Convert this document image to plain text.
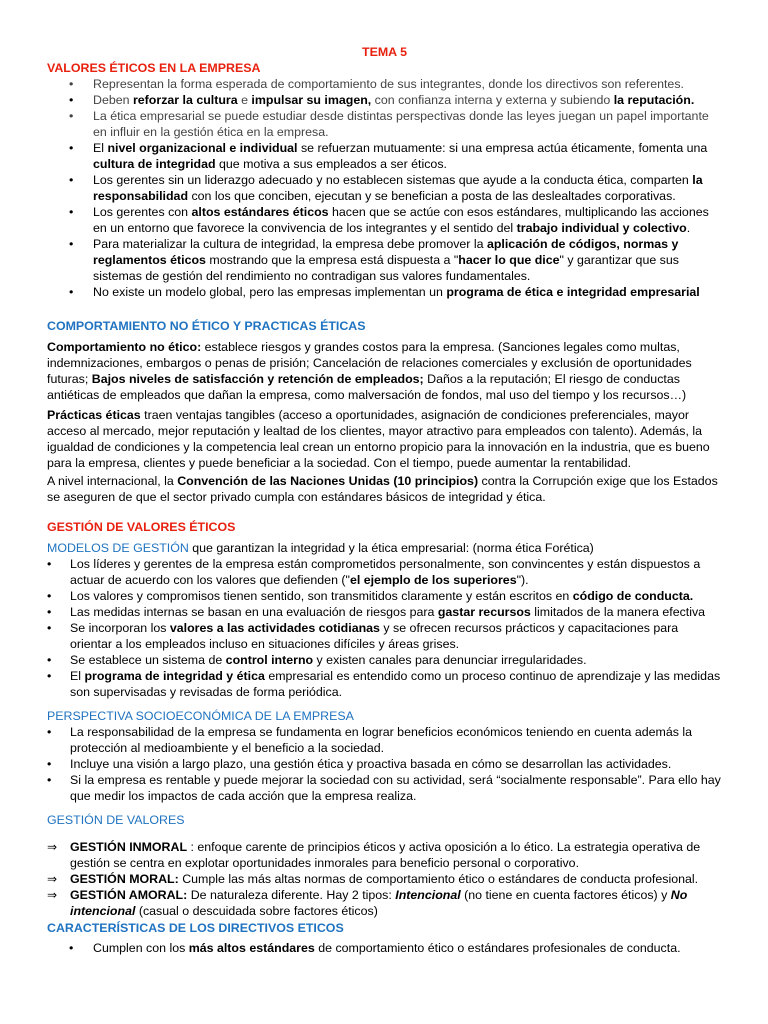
TEMA 5

VALORES ÉTICOS EN LA EMPRESA

• Representan la forma esperada de comportamiento de sus integrantes, donde los directivos son referentes.
• Deben reforzar la cultura e impulsar su imagen, con confianza interna y externa y subiendo la reputación.
• La ética empresarial se puede estudiar desde distintas perspectivas donde las leyes juegan un papel importante en influir en la gestión ética en la empresa.
• El nivel organizacional e individual se refuerzan mutuamente: si una empresa actúa éticamente, fomenta una cultura de integridad que motiva a sus empleados a ser éticos.
• Los gerentes sin un liderazgo adecuado y no establecen sistemas que ayude a la conducta ética, comparten la responsabilidad con los que conciben, ejecutan y se benefician a posta de las deslealtades corporativas.
• Los gerentes con altos estándares éticos hacen que se actúe con esos estándares, multiplicando las acciones en un entorno que favorece la convivencia de los integrantes y el sentido del trabajo individual y colectivo.
• Para materializar la cultura de integridad, la empresa debe promover la aplicación de códigos, normas y reglamentos éticos mostrando que la empresa está dispuesta a "hacer lo que dice" y garantizar que sus sistemas de gestión del rendimiento no contradigan sus valores fundamentales.
• No existe un modelo global, pero las empresas implementan un programa de ética e integridad empresarial

COMPORTAMIENTO NO ÉTICO Y PRACTICAS ÉTICAS

Comportamiento no ético: establece riesgos y grandes costos para la empresa. (Sanciones legales como multas, indemnizaciones, embargos o penas de prisión; Cancelación de relaciones comerciales y exclusión de oportunidades futuras; Bajos niveles de satisfacción y retención de empleados; Daños a la reputación; El riesgo de conductas antiéticas de empleados que dañan la empresa, como malversación de fondos, mal uso del tiempo y los recursos…)

Prácticas éticas traen ventajas tangibles (acceso a oportunidades, asignación de condiciones preferenciales, mayor acceso al mercado, mejor reputación y lealtad de los clientes, mayor atractivo para empleados con talento). Además, la igualdad de condiciones y la competencia leal crean un entorno propicio para la innovación en la industria, que es bueno para la empresa, clientes y puede beneficiar a la sociedad. Con el tiempo, puede aumentar la rentabilidad.

A nivel internacional, la Convención de las Naciones Unidas (10 principios) contra la Corrupción exige que los Estados se aseguren de que el sector privado cumpla con estándares básicos de integridad y ética.

GESTIÓN DE VALORES ÉTICOS

MODELOS DE GESTIÓN que garantizan la integridad y la ética empresarial: (norma ética Forética)

• Los líderes y gerentes de la empresa están comprometidos personalmente, son convincentes y están dispuestos a actuar de acuerdo con los valores que defienden ("el ejemplo de los superiores").
• Los valores y compromisos tienen sentido, son transmitidos claramente y están escritos en código de conducta.
• Las medidas internas se basan en una evaluación de riesgos para gastar recursos limitados de la manera efectiva
• Se incorporan los valores a las actividades cotidianas y se ofrecen recursos prácticos y capacitaciones para orientar a los empleados incluso en situaciones difíciles y áreas grises.
• Se establece un sistema de control interno y existen canales para denunciar irregularidades.
• El programa de integridad y ética empresarial es entendido como un proceso continuo de aprendizaje y las medidas son supervisadas y revisadas de forma periódica.

PERSPECTIVA SOCIOECONÓMICA DE LA EMPRESA

• La responsabilidad de la empresa se fundamenta en lograr beneficios económicos teniendo en cuenta además la protección al medioambiente y el beneficio a la sociedad.
• Incluye una visión a largo plazo, una gestión ética y proactiva basada en cómo se desarrollan las actividades.
• Si la empresa es rentable y puede mejorar la sociedad con su actividad, será “socialmente responsable”. Para ello hay que medir los impactos de cada acción que la empresa realiza.

GESTIÓN DE VALORES

⇒ GESTIÓN INMORAL : enfoque carente de principios éticos y activa oposición a lo ético. La estrategia operativa de gestión se centra en explotar oportunidades inmorales para beneficio personal o corporativo.
⇒ GESTIÓN MORAL: Cumple las más altas normas de comportamiento ético o estándares de conducta profesional.
⇒ GESTIÓN AMORAL: De naturaleza diferente. Hay 2 tipos: Intencional (no tiene en cuenta factores éticos) y No intencional (casual o descuidada sobre factores éticos)

CARACTERÍSTICAS DE LOS DIRECTIVOS ETICOS

• Cumplen con los más altos estándares de comportamiento ético o estándares profesionales de conducta.
